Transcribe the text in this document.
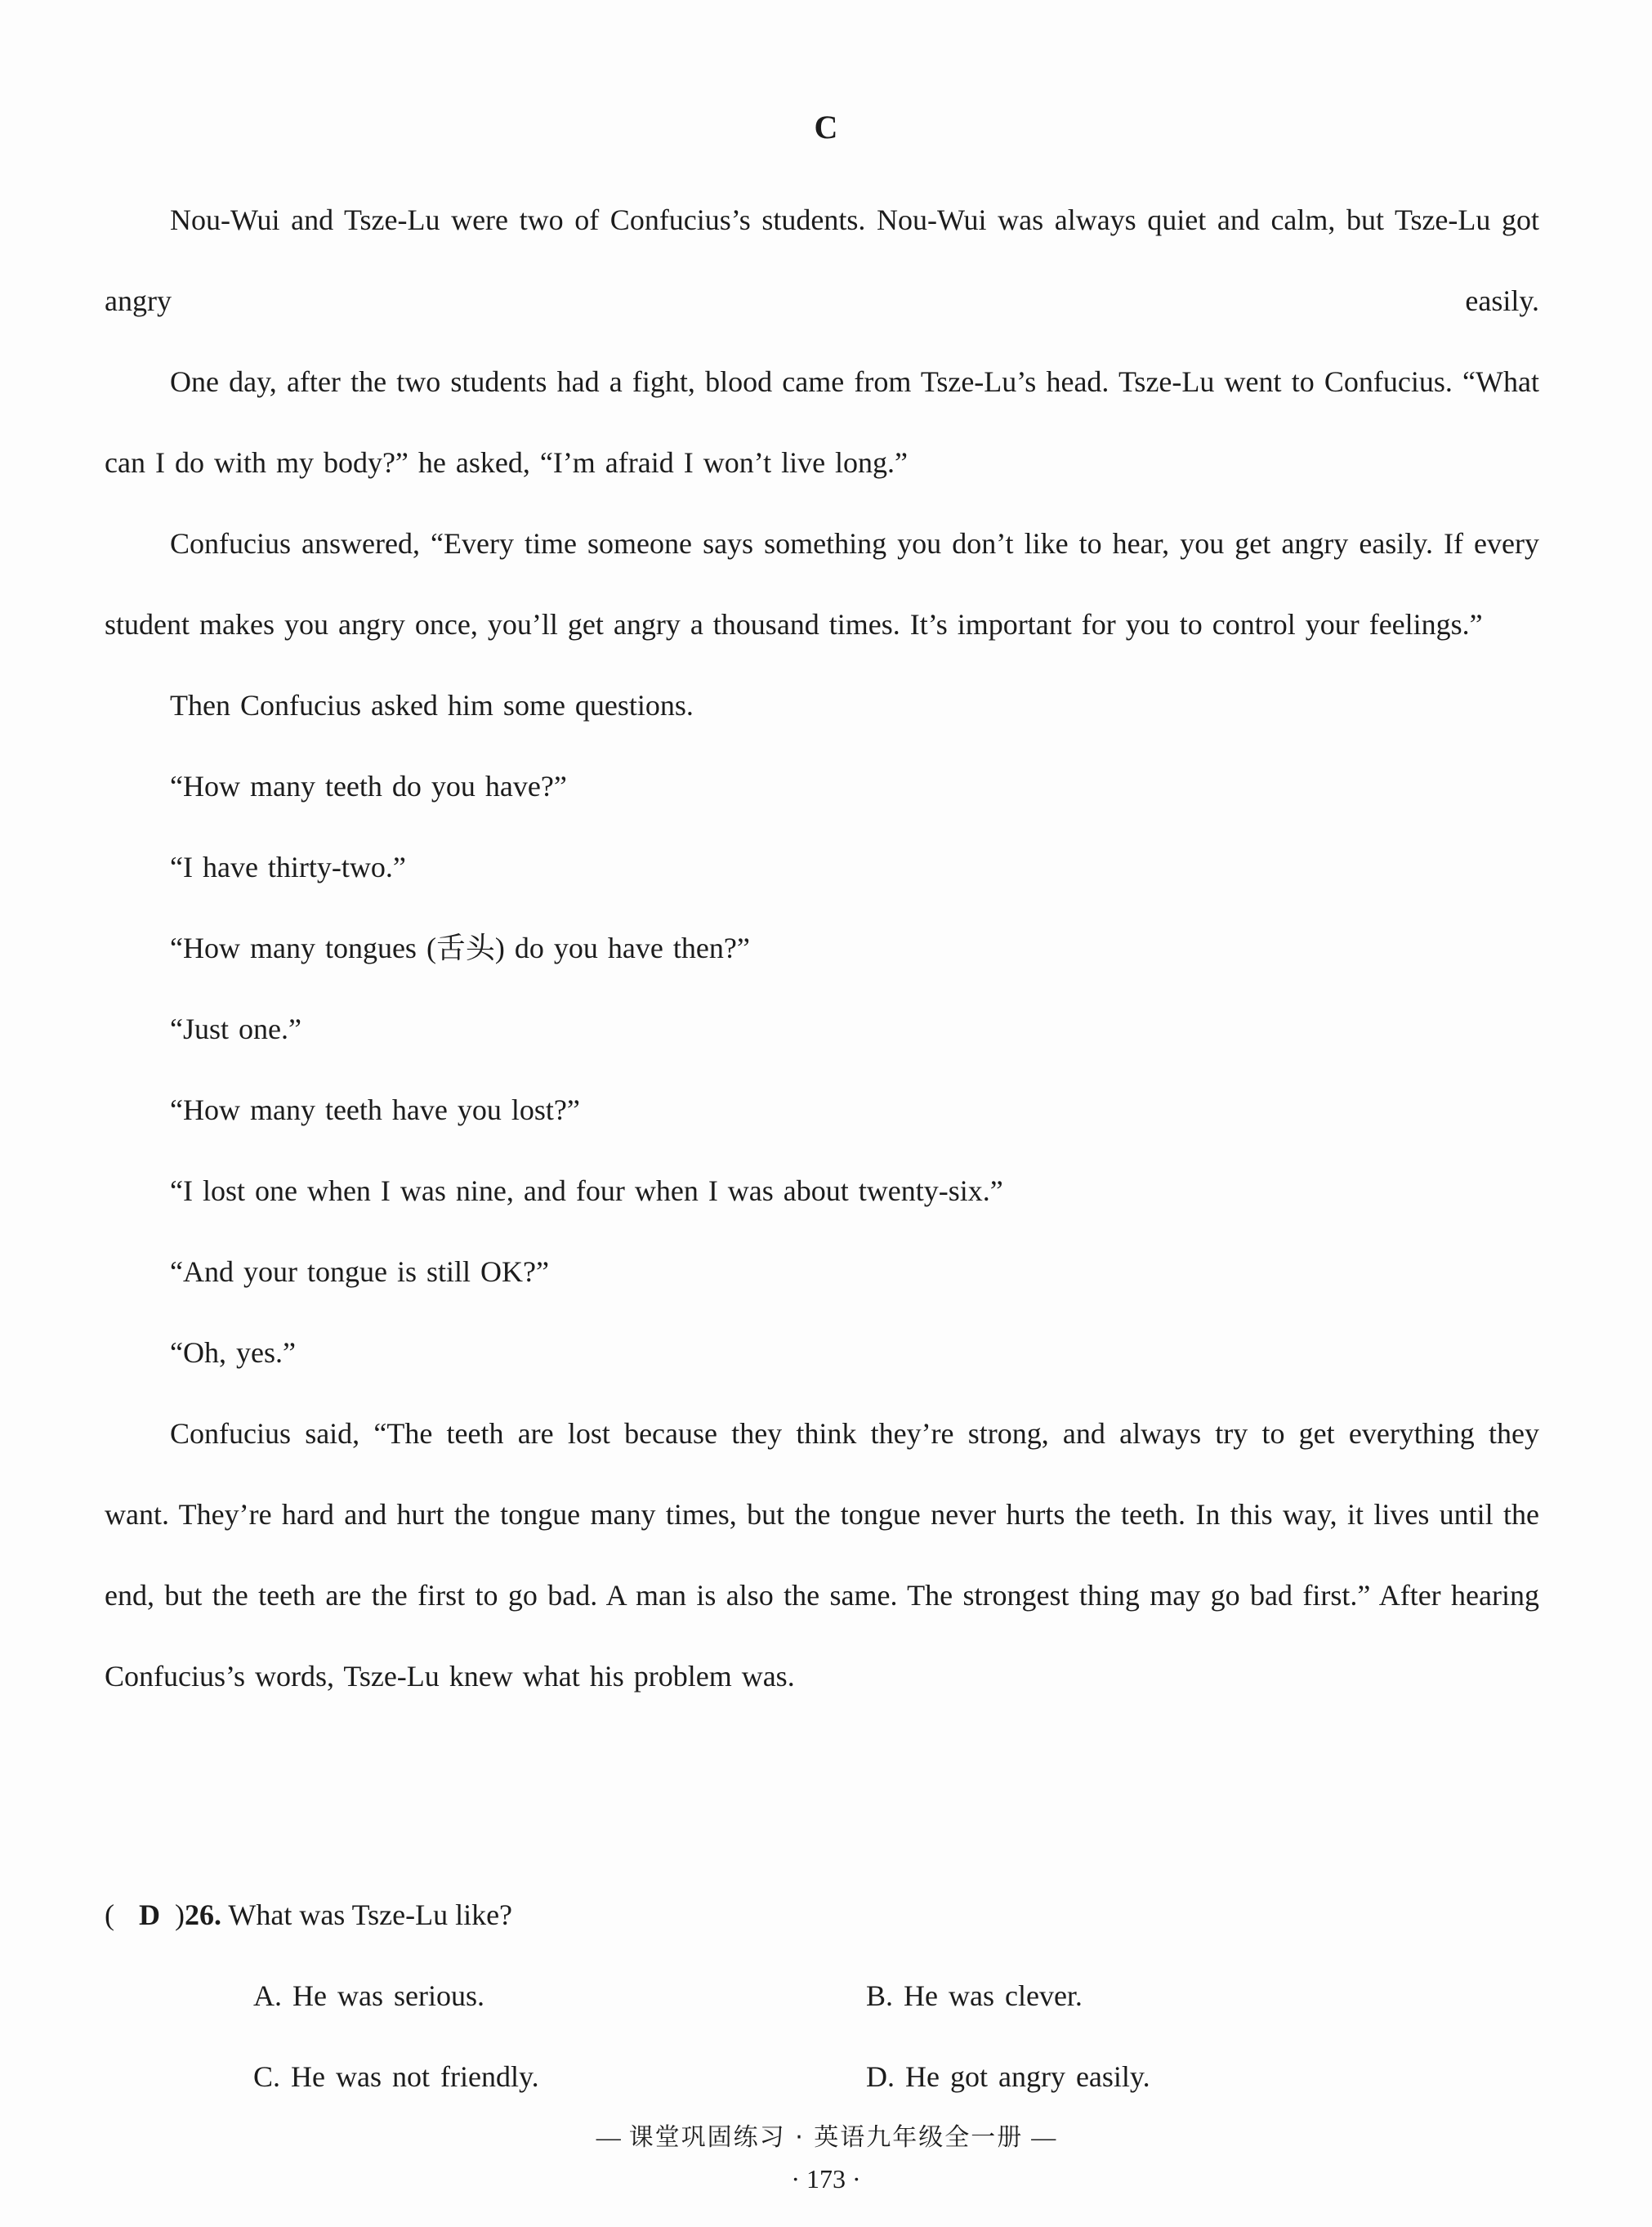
C

Nou-Wui and Tsze-Lu were two of Confucius’s students. Nou-Wui was always quiet and calm, but Tsze-Lu got angry easily.

One day, after the two students had a fight, blood came from Tsze-Lu’s head. Tsze-Lu went to Confucius. “What can I do with my body?” he asked, “I’m afraid I won’t live long.”

Confucius answered, “Every time someone says something you don’t like to hear, you get angry easily. If every student makes you angry once, you’ll get angry a thousand times. It’s important for you to control your feelings.”

Then Confucius asked him some questions.

“How many teeth do you have?”

“I have thirty-two.”

“How many tongues (舌头) do you have then?”

“Just one.”

“How many teeth have you lost?”

“I lost one when I was nine, and four when I was about twenty-six.”

“And your tongue is still OK?”

“Oh, yes.”

Confucius said, “The teeth are lost because they think they’re strong, and always try to get everything they want. They’re hard and hurt the tongue many times, but the tongue never hurts the teeth. In this way, it lives until the end, but the teeth are the first to go bad. A man is also the same. The strongest thing may go bad first.” After hearing Confucius’s words, Tsze-Lu knew what his problem was.

( D )26. What was Tsze-Lu like?
A. He was serious.	B. He was clever.
C. He was not friendly.	D. He got angry easily.
— 课堂巩固练习 · 英语九年级全一册 —
· 173 ·
